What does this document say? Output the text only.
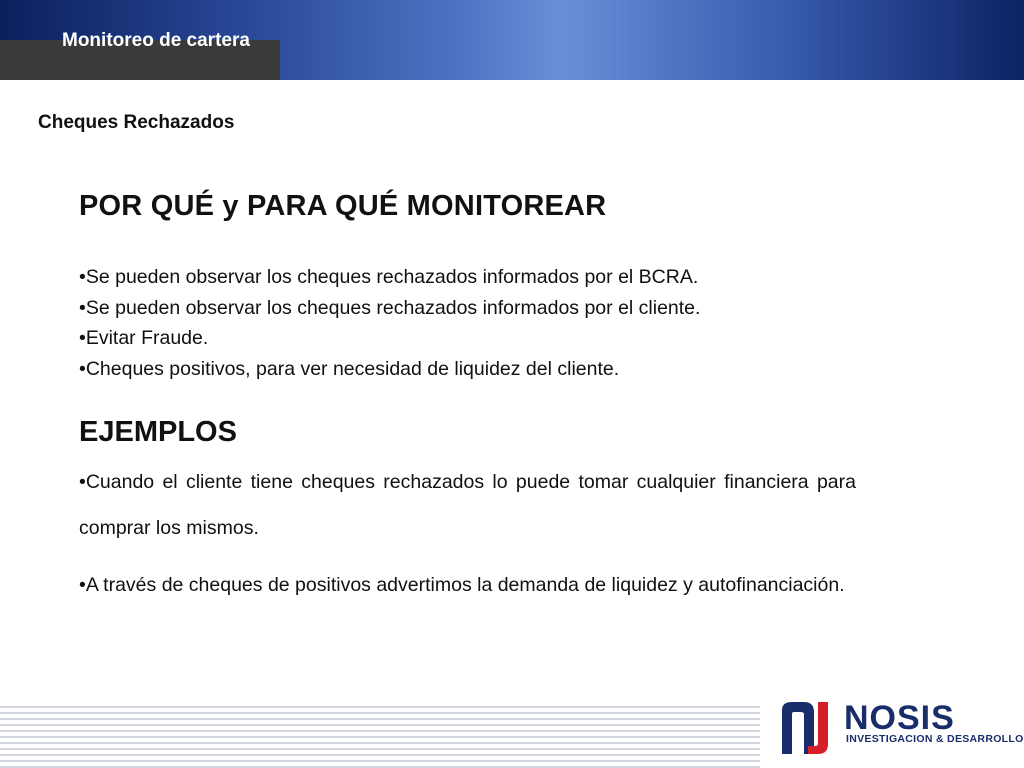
Monitoreo de cartera
Cheques Rechazados
POR QUÉ y PARA QUÉ MONITOREAR
•Se pueden observar los cheques rechazados informados por el BCRA.
•Se pueden observar los cheques rechazados informados por el cliente.
•Evitar Fraude.
•Cheques positivos, para ver necesidad de liquidez del cliente.
EJEMPLOS
•Cuando el cliente tiene cheques rechazados lo puede tomar cualquier financiera para comprar los mismos.
•A través de cheques de positivos advertimos la demanda de liquidez y autofinanciación.
NOSIS
INVESTIGACION & DESARROLLO
